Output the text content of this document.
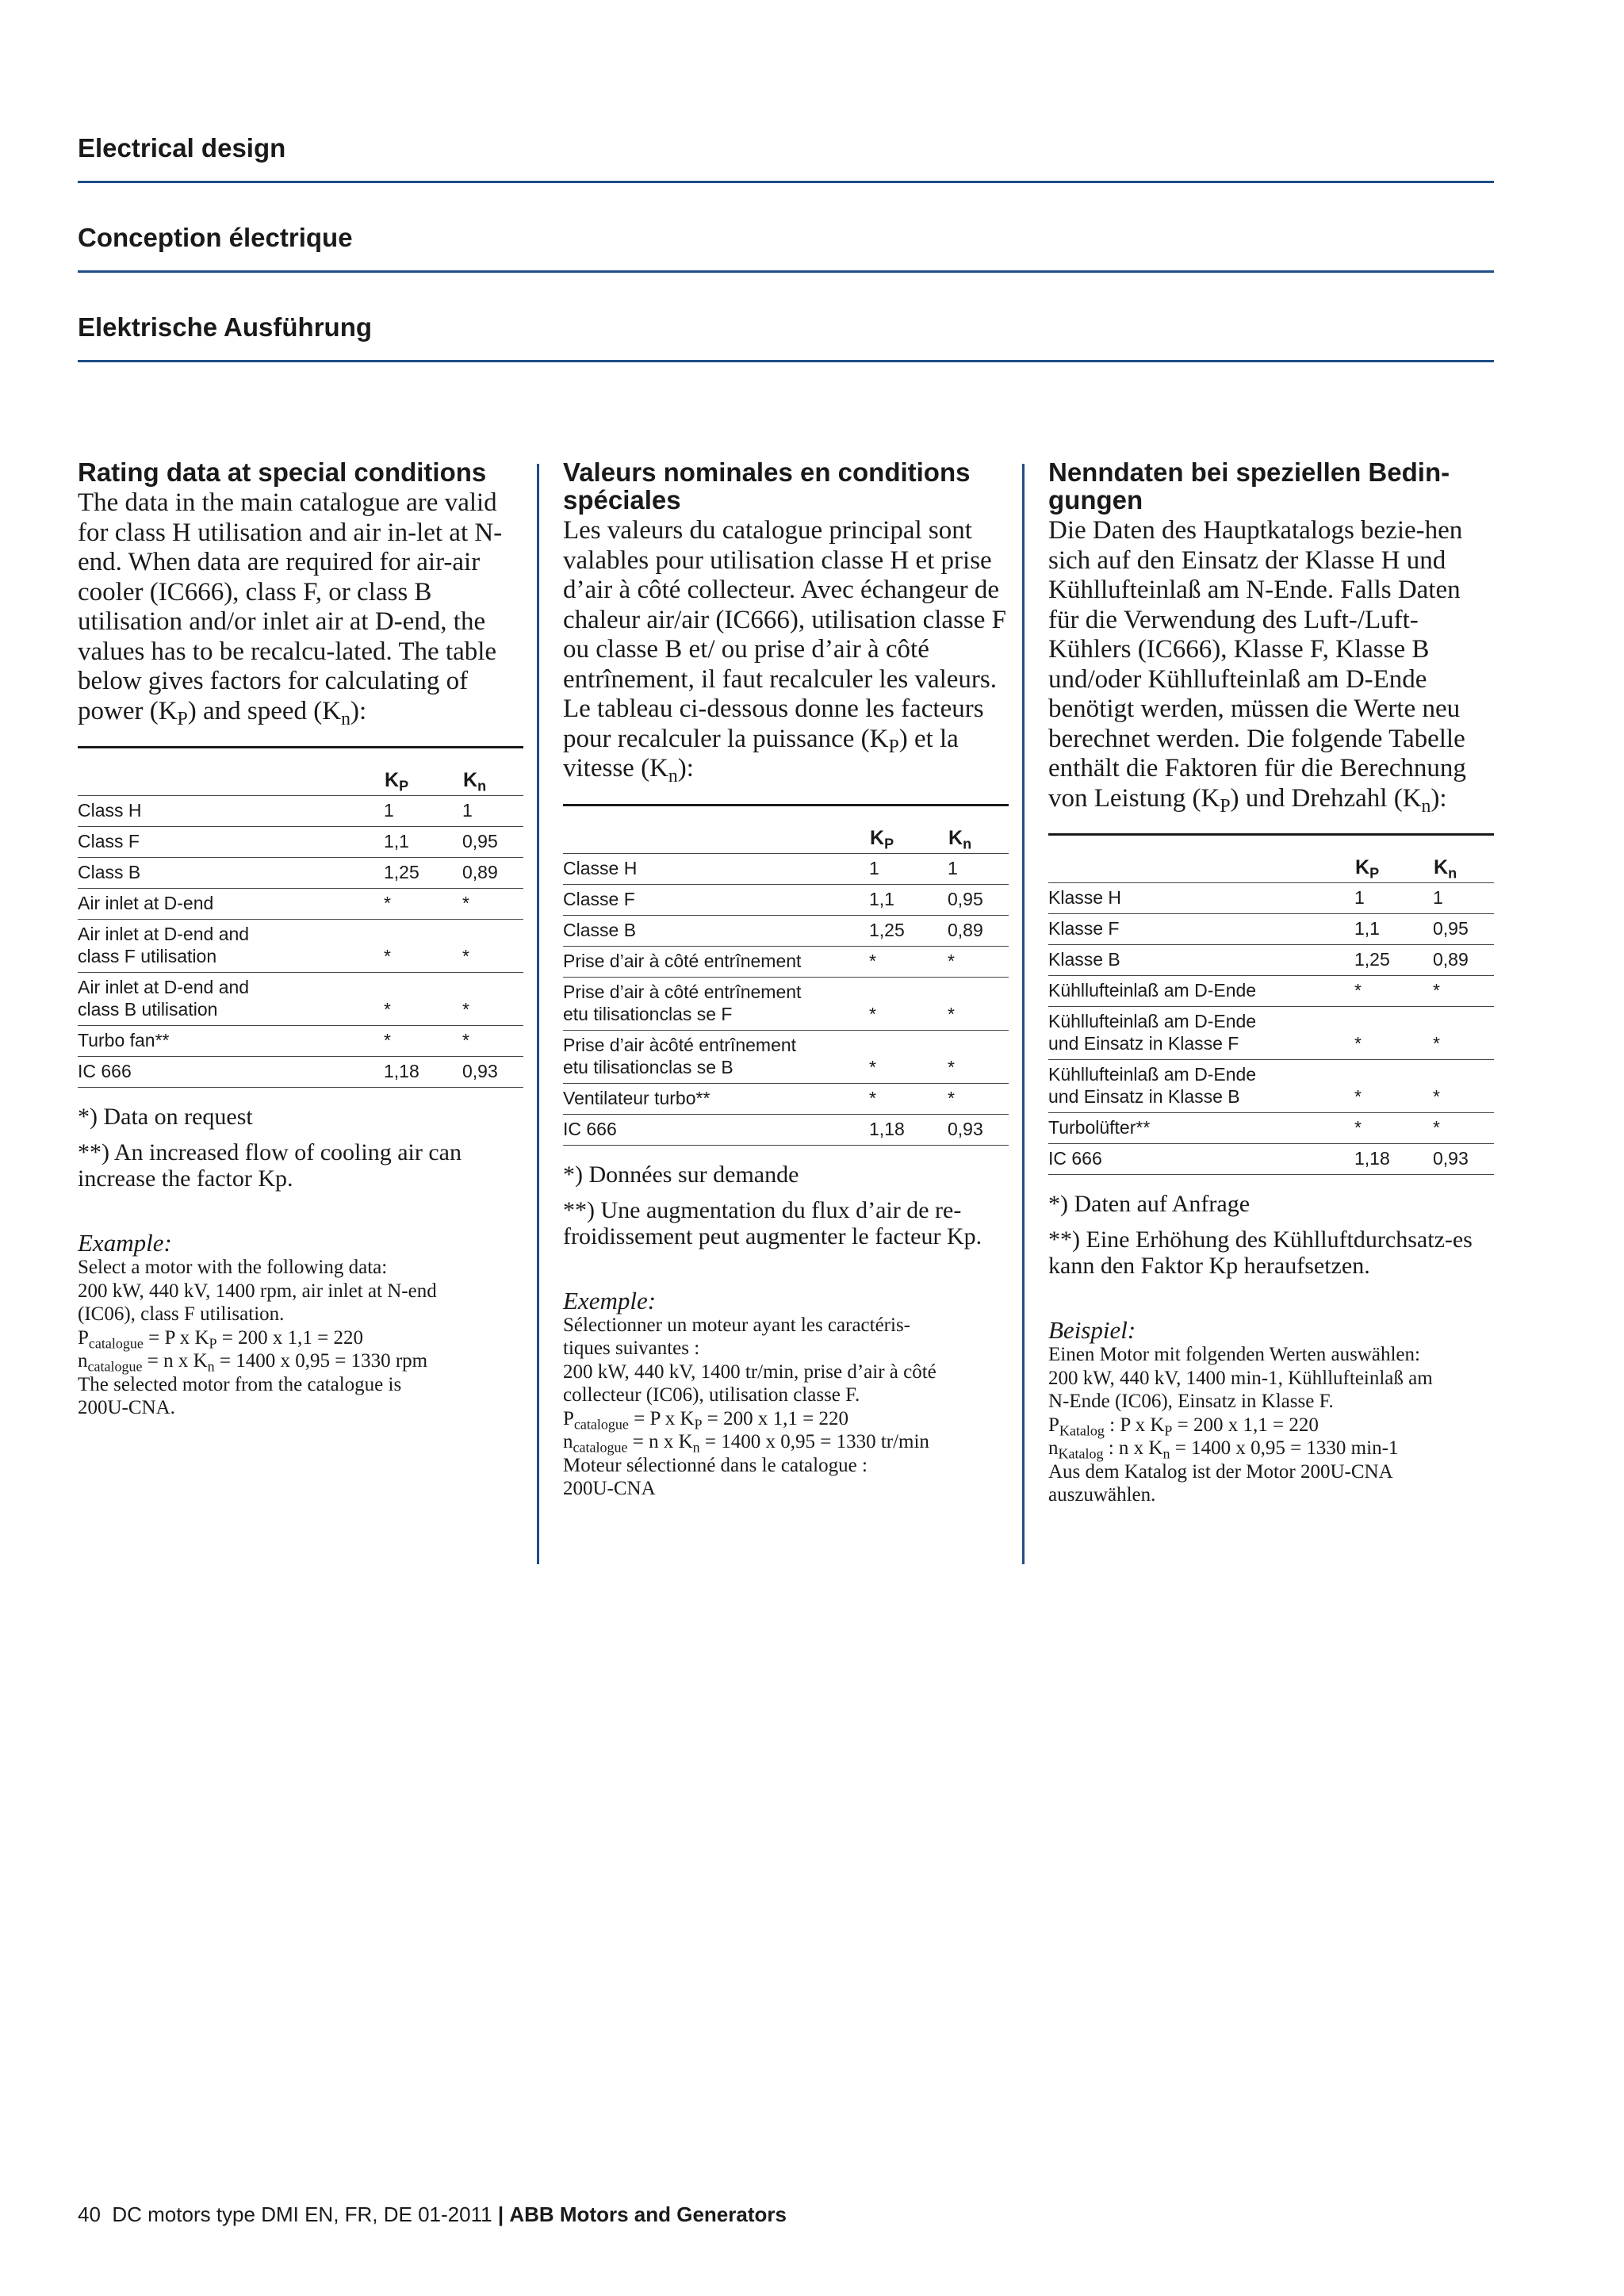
Electrical design
Conception électrique
Elektrische Ausführung
Rating data at special conditions

The data in the main catalogue are valid for class H utilisation and air in-let at N-end. When data are required for air-air cooler (IC666), class F, or class B utilisation and/or inlet air at D-end, the values has to be recalcu-lated. The table below gives factors for calculating of power $(K_P)$ and speed $(K_n)$:

	$K_P$	$K_n$

Class H	1	1

Class F	1,1	0,95

Class B	1,25	0,89

Air inlet at D-end	*	*

Air inlet at D-end and
class F utilisation	*	*

Air inlet at D-end and
class B utilisation	*	*

Turbo fan**	*	*

IC 666	1,18	0,93
*) Data on request
**) An increased flow of cooling air can increase the factor Kp.
Example:
Select a motor with the following data:
200 kW, 440 kV, 1400 rpm, air inlet at N-end
(IC06), class F utilisation.
$P_{catalogue} = P$ x $K_P = 200$ x 1,1 = 220
$n_{catalogue} = n$ x $K_n = 1400$ x 0,95 = 1330 rpm
The selected motor from the catalogue is
200U-CNA.
Valeurs nominales en conditions spéciales

Les valeurs du catalogue principal sont valables pour utilisation classe H et prise d’air à côté collecteur. Avec échangeur de chaleur air/air (IC666), utilisation classe F ou classe B et/ ou prise d’air à côté entrînement, il faut recalculer les valeurs. Le tableau ci-dessous donne les facteurs pour recalculer la puissance $(K_P)$ et la vitesse $(K_n)$:

	$K_P$	$K_n$

Classe H	1	1

Classe F	1,1	0,95

Classe B	1,25	0,89

Prise d’air à côté entrînement	*	*

Prise d’air à côté entrînement
etu tilisationclas se F	*	*

Prise d’air àcôté entrînement
etu tilisationclas se B	*	*

Ventilateur turbo**	*	*

IC 666	1,18	0,93
*) Données sur demande
**) Une augmentation du flux d’air de re-froidissement peut augmenter le facteur Kp.
Exemple:
Sélectionner un moteur ayant les caractéris-
tiques suivantes :
200 kW, 440 kV, 1400 tr/min, prise d’air à côté
collecteur (IC06), utilisation classe F.
$P_{catalogue} = P$ x $K_P = 200$ x 1,1 = 220
$n_{catalogue} = n$ x $K_n = 1400$ x 0,95 = 1330 tr/min
Moteur sélectionné dans le catalogue :
200U-CNA
Nenndaten bei speziellen Bedin-gungen

Die Daten des Hauptkatalogs bezie-hen sich auf den Einsatz der Klasse H und Kühllufteinlaß am N-Ende. Falls Daten für die Verwendung des Luft-/Luft-Kühlers (IC666), Klasse F, Klasse B und/oder Kühllufteinlaß am D-Ende benötigt werden, müssen die Werte neu berechnet werden. Die folgende Tabelle enthält die Faktoren für die Berechnung von Leistung $(K_P)$ und Drehzahl $(K_n)$:

	$K_P$	$K_n$

Klasse H	1	1

Klasse F	1,1	0,95

Klasse B	1,25	0,89

Kühllufteinlaß am D-Ende	*	*

Kühllufteinlaß am D-Ende
und Einsatz in Klasse F	*	*

Kühllufteinlaß am D-Ende
und Einsatz in Klasse B	*	*

Turbolüfter**	*	*

IC 666	1,18	0,93
*) Daten auf Anfrage
**) Eine Erhöhung des Kühlluftdurchsatz-es kann den Faktor Kp heraufsetzen.
Beispiel:
Einen Motor mit folgenden Werten auswählen:
200 kW, 440 kV, 1400 min-1, Kühllufteinlaß am
N-Ende (IC06), Einsatz in Klasse F.
$P_{Katalog}$ : P x $K_P = 200$ x 1,1 = 220
$n_{Katalog}$ : n x $K_n = 1400$ x 0,95 = 1330 min-1
Aus dem Katalog ist der Motor 200U-CNA
auszuwählen.
40 DC motors type DMI EN, FR, DE 01-2011 | ABB Motors and Generators
